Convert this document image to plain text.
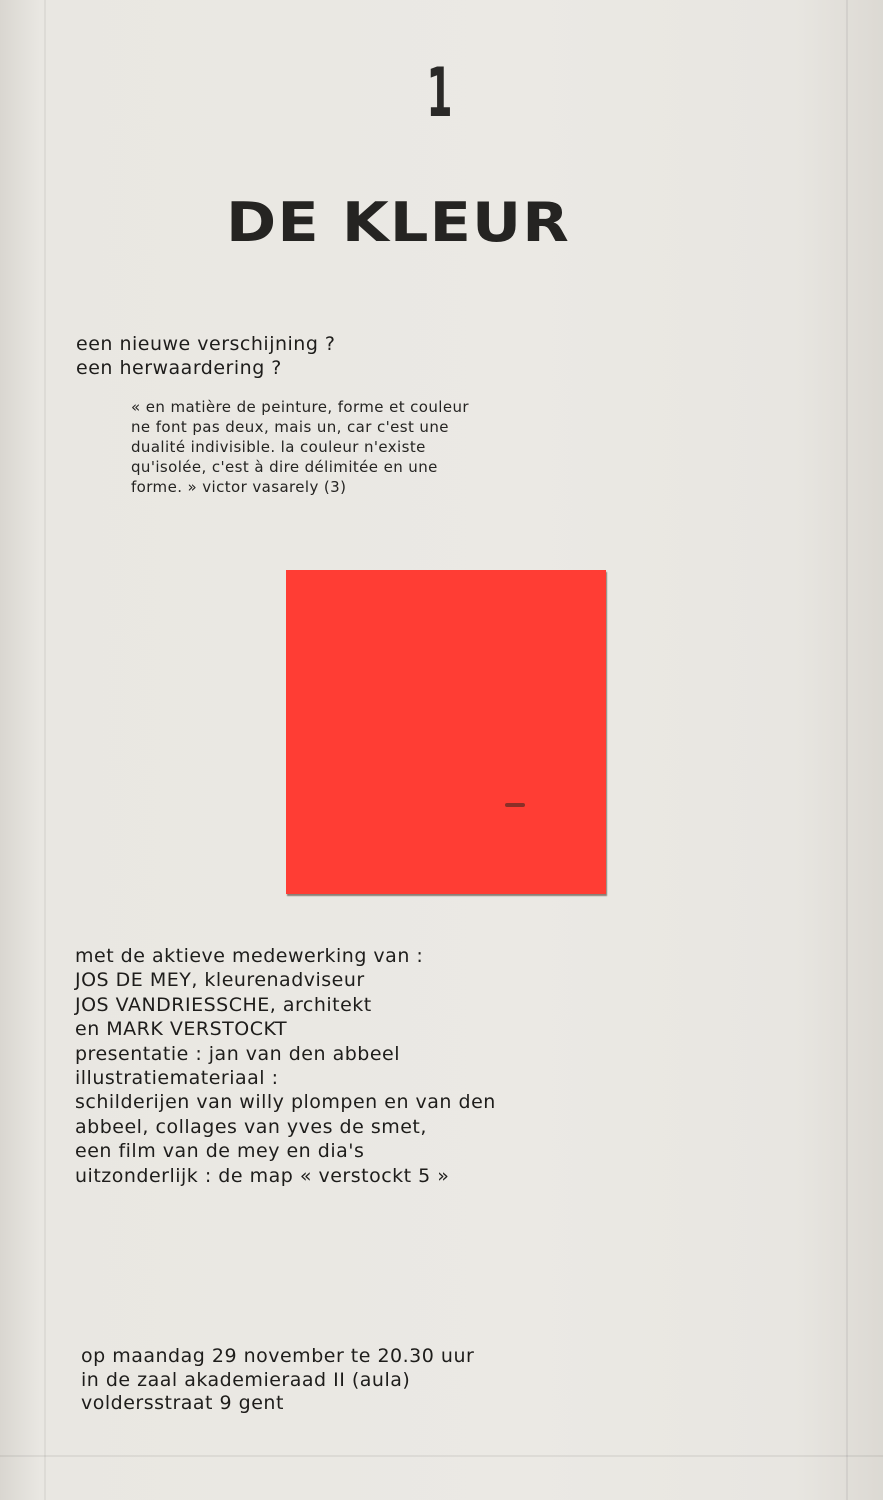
1
DE KLEUR
een nieuwe verschijning ?
een herwaardering ?
« en matière de peinture, forme et couleur
ne font pas deux, mais un, car c'est une
dualité indivisible. la couleur n'existe
qu'isolée, c'est à dire délimitée en une
forme. » victor vasarely (3)
met de aktieve medewerking van :
JOS DE MEY, kleurenadviseur
JOS VANDRIESSCHE, architekt
en MARK VERSTOCKT
presentatie : jan van den abbeel
illustratiemateriaal :
schilderijen van willy plompen en van den
abbeel, collages van yves de smet,
een film van de mey en dia's
uitzonderlijk : de map « verstockt 5 »
op maandag 29 november te 20.30 uur
in de zaal akademieraad II (aula)
voldersstraat 9 gent
